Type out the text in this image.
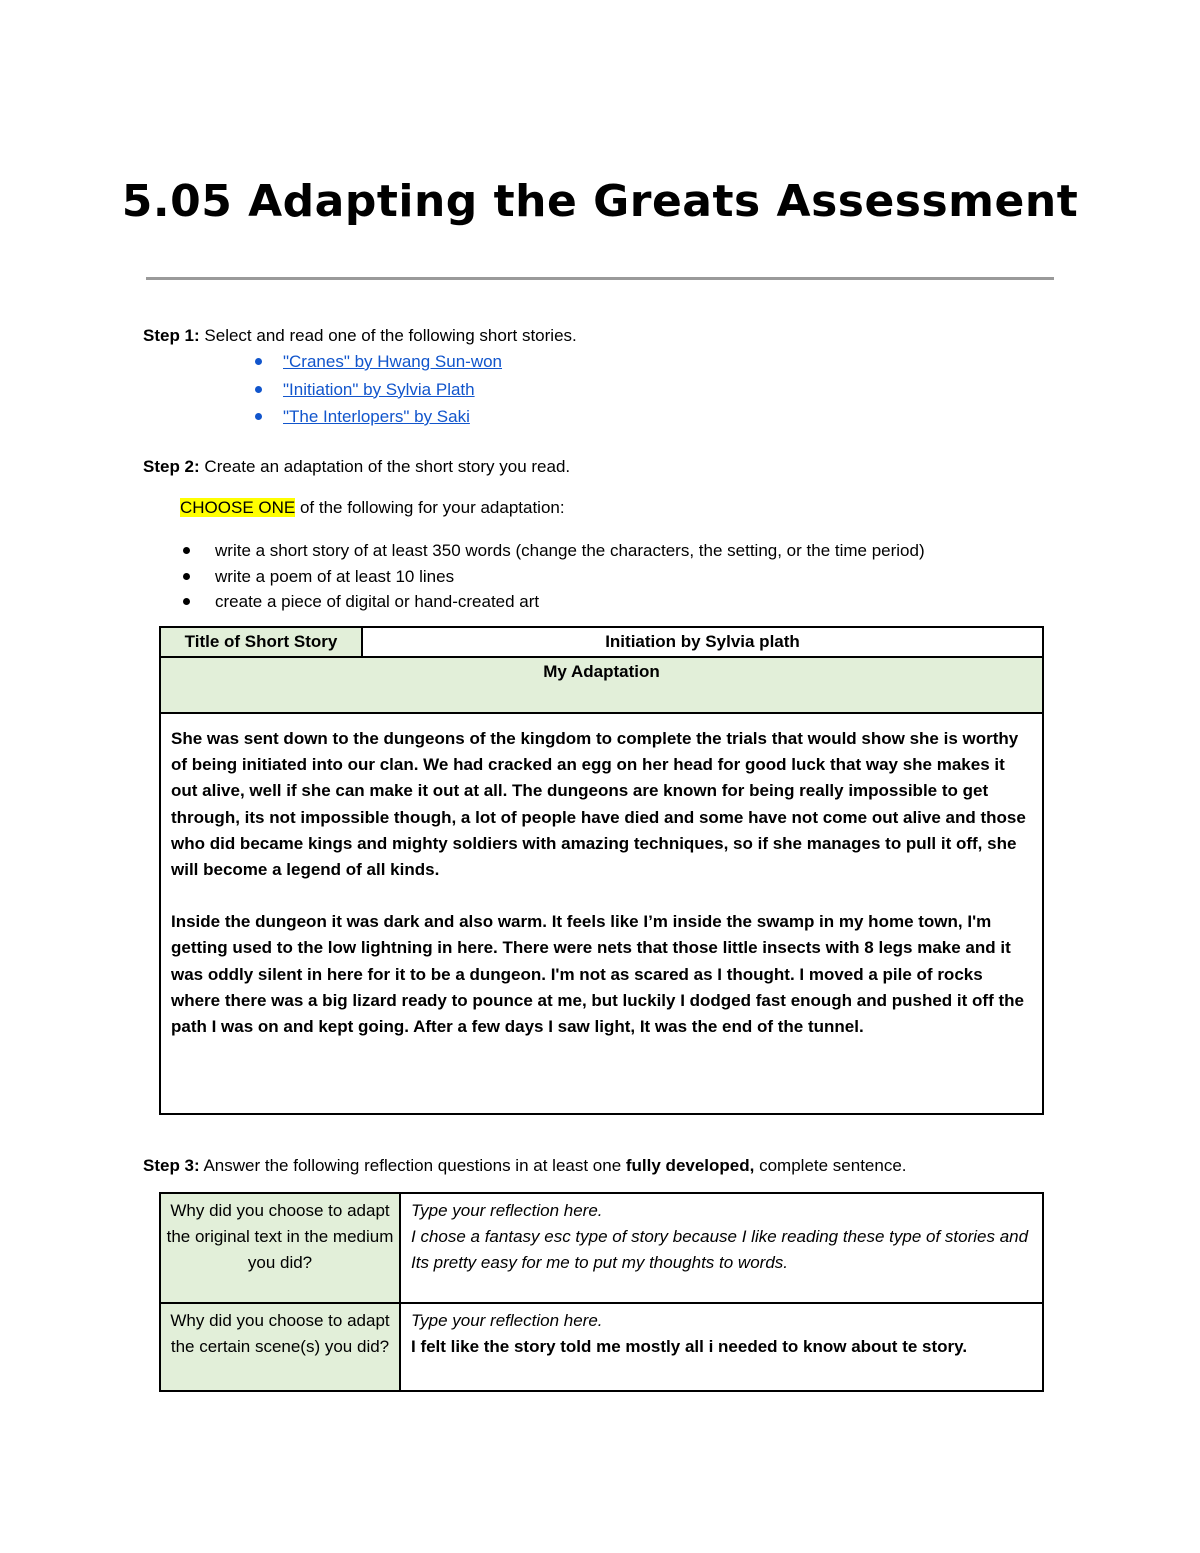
5.05 Adapting the Greats Assessment
Step 1: Select and read one of the following short stories.
"Cranes" by Hwang Sun-won
"Initiation" by Sylvia Plath
"The Interlopers" by Saki
Step 2: Create an adaptation of the short story you read.
CHOOSE ONE of the following for your adaptation:
write a short story of at least 350 words (change the characters, the setting, or the time period)
write a poem of at least 10 lines
create a piece of digital or hand-created art
Title of Short Story	Initiation by Sylvia plath
My Adaptation

She was sent down to the dungeons of the kingdom to complete the trials that would show she is worthy of being initiated into our clan. We had cracked an egg on her head for good luck that way she makes it out alive, well if she can make it out at all. The dungeons are known for being really impossible to get through, its not impossible though, a lot of people have died and some have not come out alive and those who did became kings and mighty soldiers with amazing techniques, so if she manages to pull it off, she will become a legend of all kinds.

Inside the dungeon it was dark and also warm. It feels like I’m inside the swamp in my home town, I'm getting used to the low lightning in here. There were nets that those little insects with 8 legs make and it was oddly silent in here for it to be a dungeon. I'm not as scared as I thought. I moved a pile of rocks where there was a big lizard ready to pounce at me, but luckily I dodged fast enough and pushed it off the path I was on and kept going. After a few days I saw light, It was the end of the tunnel.

Step 3: Answer the following reflection questions in at least one fully developed, complete sentence.
Why did you choose to adapt the original text in the medium you did?	Type your reflection here.
I chose a fantasy esc type of story because I like reading these type of stories and Its pretty easy for me to put my thoughts to words.

Why did you choose to adapt the certain scene(s) you did?	Type your reflection here.
I felt like the story told me mostly all i needed to know about te story.
